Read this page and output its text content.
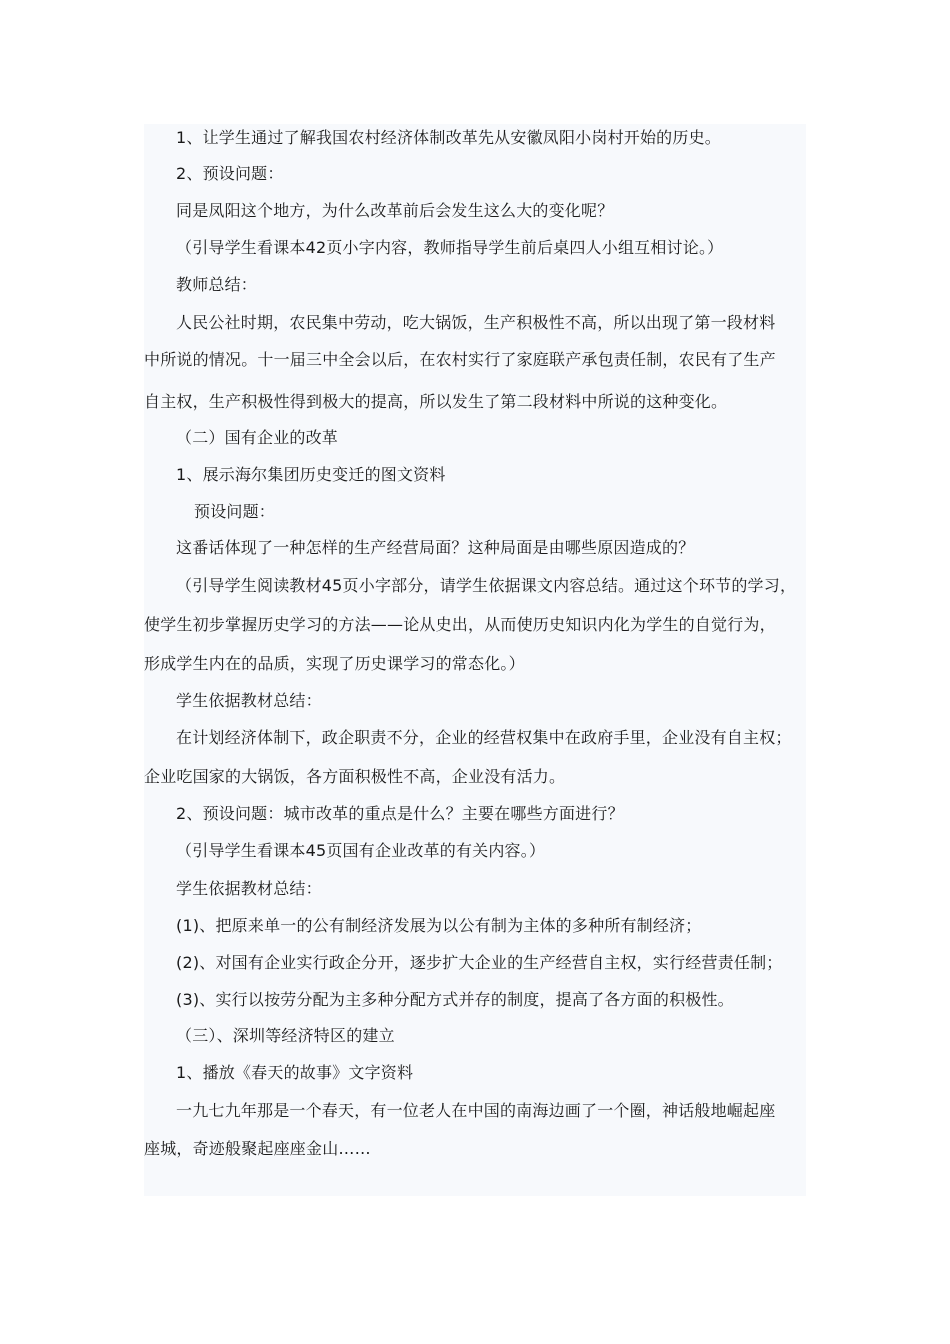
1、让学生通过了解我国农村经济体制改革先从安徽凤阳小岗村开始的历史。
2、预设问题：
同是凤阳这个地方，为什么改革前后会发生这么大的变化呢？
（引导学生看课本42页小字内容，教师指导学生前后桌四人小组互相讨论。）
教师总结：
人民公社时期，农民集中劳动，吃大锅饭，生产积极性不高，所以出现了第一段材料
中所说的情况。十一届三中全会以后，在农村实行了家庭联产承包责任制，农民有了生产
自主权，生产积极性得到极大的提高，所以发生了第二段材料中所说的这种变化。
（二）国有企业的改革
1、展示海尔集团历史变迁的图文资料
预设问题：
这番话体现了一种怎样的生产经营局面？这种局面是由哪些原因造成的？
（引导学生阅读教材45页小字部分，请学生依据课文内容总结。通过这个环节的学习，
使学生初步掌握历史学习的方法——论从史出，从而使历史知识内化为学生的自觉行为，
形成学生内在的品质，实现了历史课学习的常态化。）
学生依据教材总结：
在计划经济体制下，政企职责不分，企业的经营权集中在政府手里，企业没有自主权；
企业吃国家的大锅饭，各方面积极性不高，企业没有活力。
2、预设问题：城市改革的重点是什么？主要在哪些方面进行？
（引导学生看课本45页国有企业改革的有关内容。）
学生依据教材总结：
(1)、把原来单一的公有制经济发展为以公有制为主体的多种所有制经济；
(2)、对国有企业实行政企分开，逐步扩大企业的生产经营自主权，实行经营责任制；
(3)、实行以按劳分配为主多种分配方式并存的制度，提高了各方面的积极性。
（三）、深圳等经济特区的建立
1、播放《春天的故事》文字资料
一九七九年那是一个春天，有一位老人在中国的南海边画了一个圈，神话般地崛起座
座城，奇迹般聚起座座金山……
